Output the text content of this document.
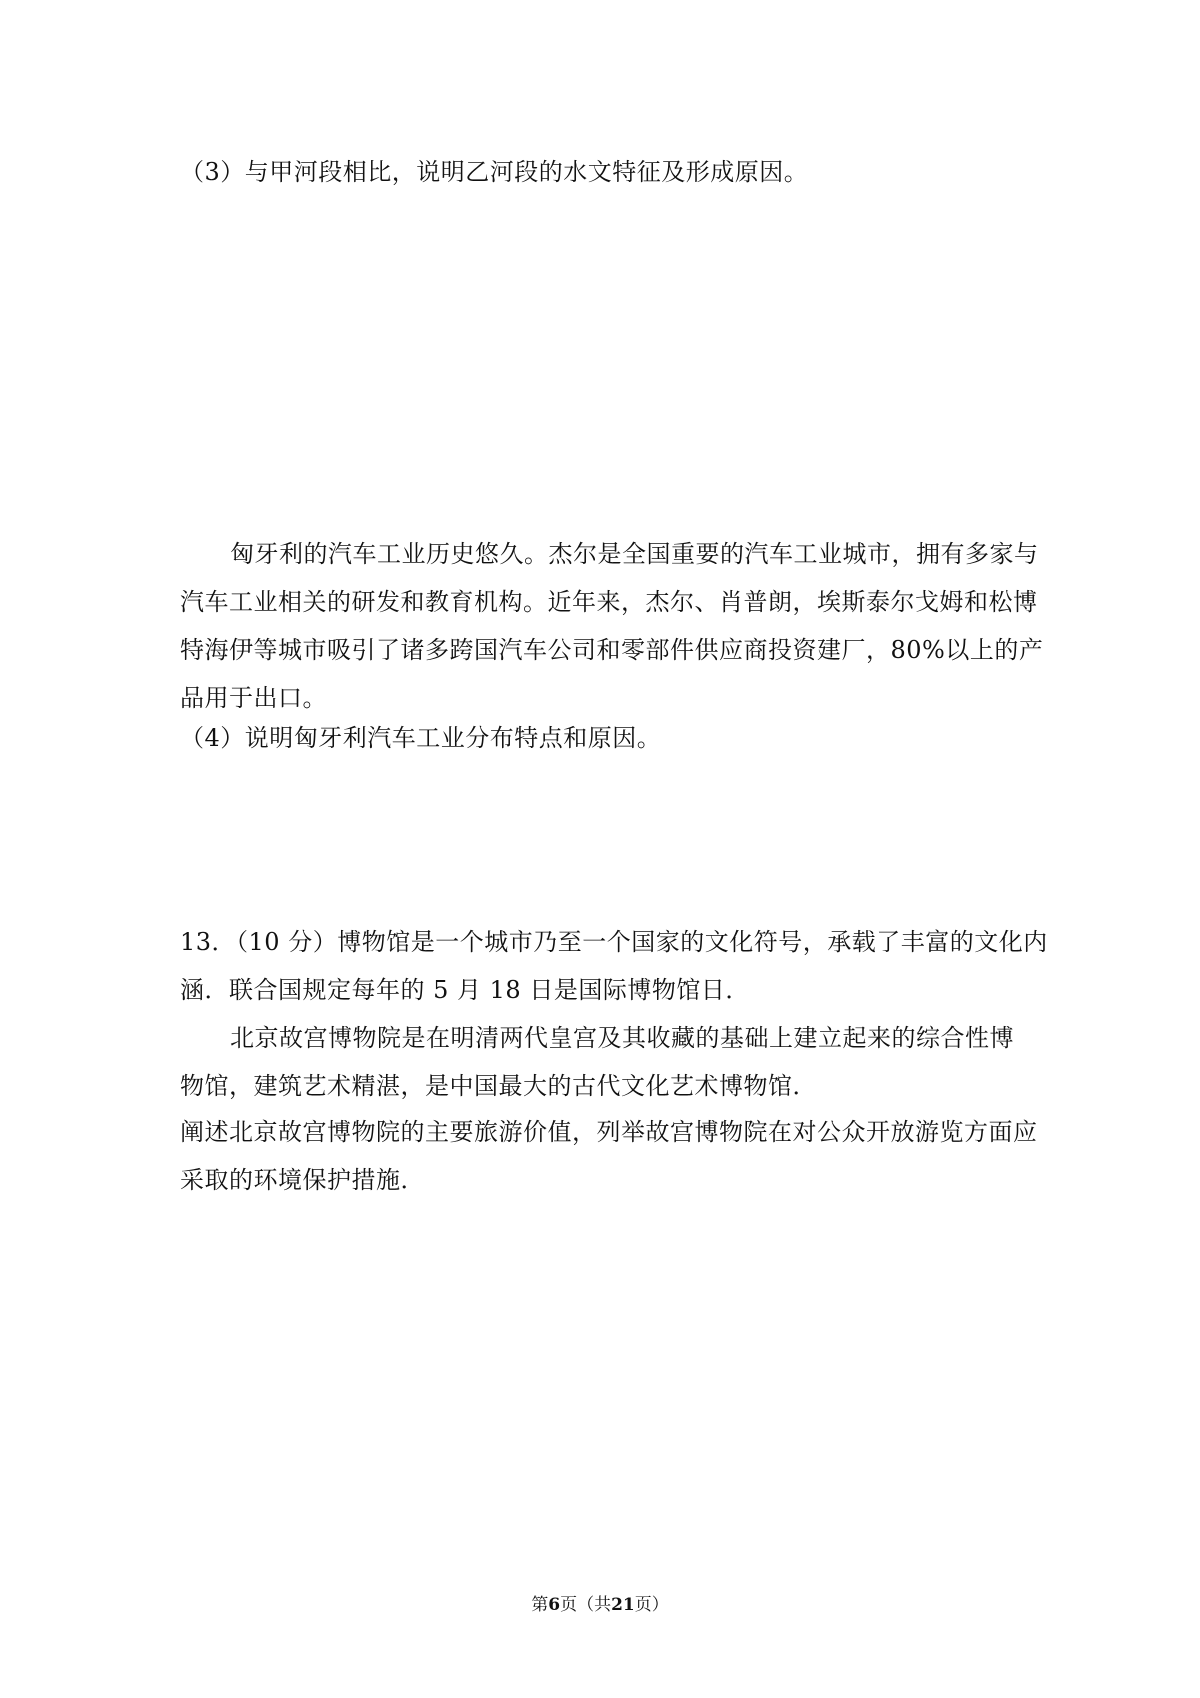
（3）与甲河段相比，说明乙河段的水文特征及形成原因。
匈牙利的汽车工业历史悠久。杰尔是全国重要的汽车工业城市，拥有多家与
汽车工业相关的研发和教育机构。近年来，杰尔、肖普朗，埃斯泰尔戈姆和松博
特海伊等城市吸引了诸多跨国汽车公司和零部件供应商投资建厂，80%以上的产
品用于出口。
（4）说明匈牙利汽车工业分布特点和原因。
13．（10 分）博物馆是一个城市乃至一个国家的文化符号，承载了丰富的文化内
涵．联合国规定每年的 5 月 18 日是国际博物馆日．
北京故宫博物院是在明清两代皇宫及其收藏的基础上建立起来的综合性博
物馆，建筑艺术精湛，是中国最大的古代文化艺术博物馆．
阐述北京故宫博物院的主要旅游价值，列举故宫博物院在对公众开放游览方面应
采取的环境保护措施．
第6页（共21页）
